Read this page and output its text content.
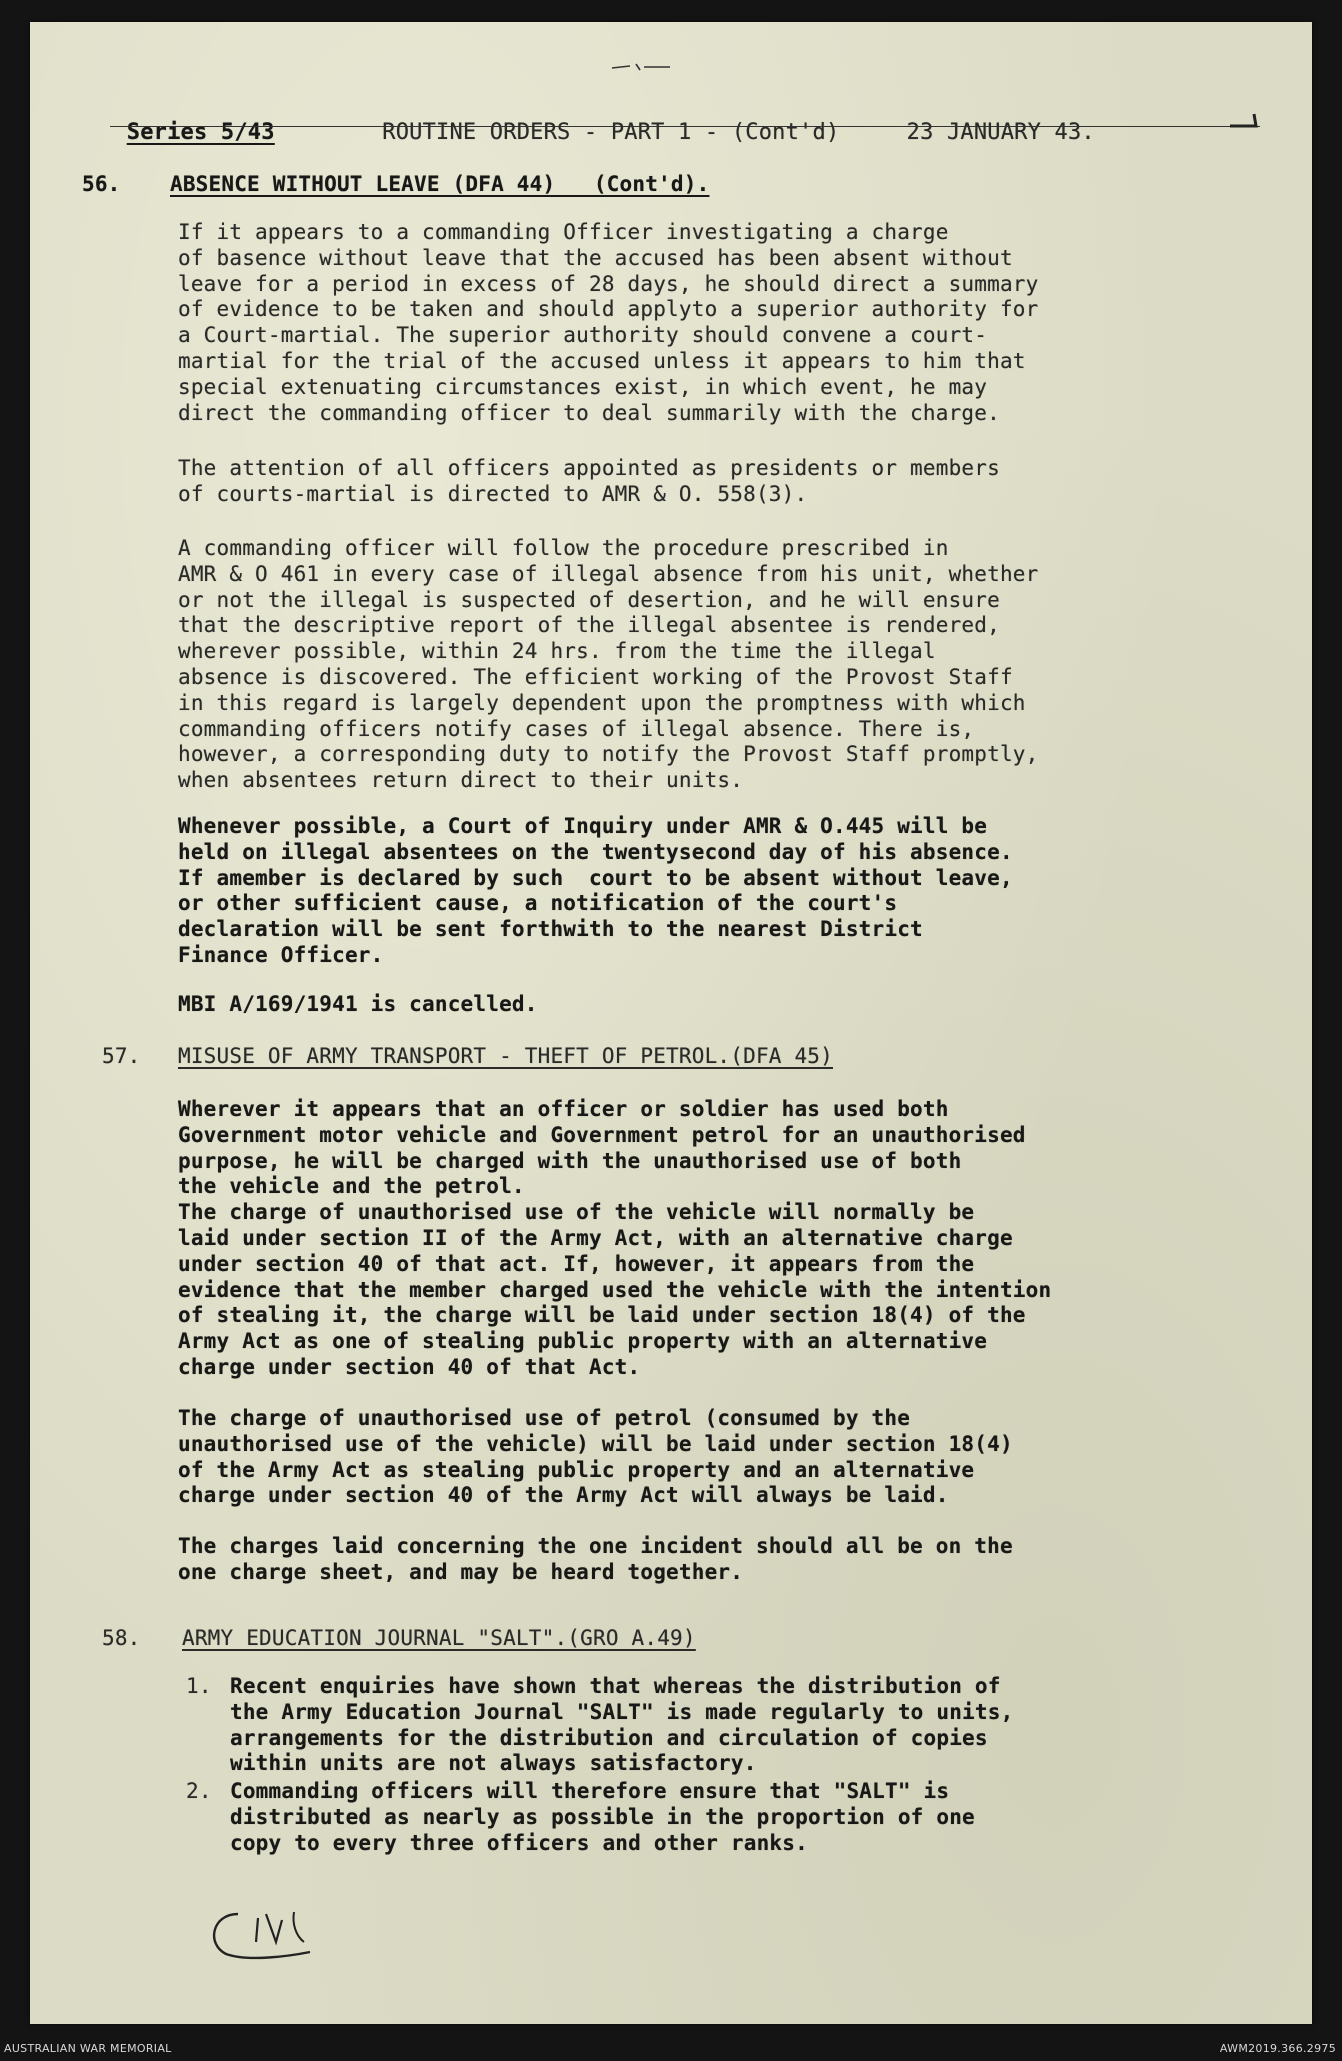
Series 5/43	ROUTINE ORDERS - PART 1 - (Cont'd)	23 JANUARY 43.

56. ABSENCE WITHOUT LEAVE (DFA 44)   (Cont'd).
If it appears to a commanding Officer investigating a charge
of basence without leave that the accused has been absent without
leave for a period in excess of 28 days, he should direct a summary
of evidence to be taken and should applyto a superior authority for
a Court-martial. The superior authority should convene a court-
martial for the trial of the accused unless it appears to him that
special extenuating circumstances exist, in which event, he may
direct the commanding officer to deal summarily with the charge.
The attention of all officers appointed as presidents or members
of courts-martial is directed to AMR & O. 558(3).
A commanding officer will follow the procedure prescribed in
AMR & O 461 in every case of illegal absence from his unit, whether
or not the illegal is suspected of desertion, and he will ensure
that the descriptive report of the illegal absentee is rendered,
wherever possible, within 24 hrs. from the time the illegal
absence is discovered. The efficient working of the Provost Staff
in this regard is largely dependent upon the promptness with which
commanding officers notify cases of illegal absence. There is,
however, a corresponding duty to notify the Provost Staff promptly,
when absentees return direct to their units.
Whenever possible, a Court of Inquiry under AMR & O.445 will be
held on illegal absentees on the twentysecond day of his absence.
If amember is declared by such  court to be absent without leave,
or other sufficient cause, a notification of the court's
declaration will be sent forthwith to the nearest District
Finance Officer.
MBI A/169/1941 is cancelled.
57. MISUSE OF ARMY TRANSPORT - THEFT OF PETROL.(DFA 45)
Wherever it appears that an officer or soldier has used both
Government motor vehicle and Government petrol for an unauthorised
purpose, he will be charged with the unauthorised use of both
the vehicle and the petrol.
The charge of unauthorised use of the vehicle will normally be
laid under section II of the Army Act, with an alternative charge
under section 40 of that act. If, however, it appears from the
evidence that the member charged used the vehicle with the intention
of stealing it, the charge will be laid under section 18(4) of the
Army Act as one of stealing public property with an alternative
charge under section 40 of that Act.
The charge of unauthorised use of petrol (consumed by the
unauthorised use of the vehicle) will be laid under section 18(4)
of the Army Act as stealing public property and an alternative
charge under section 40 of the Army Act will always be laid.
The charges laid concerning the one incident should all be on the
one charge sheet, and may be heard together.
58. ARMY EDUCATION JOURNAL "SALT".(GRO A.49)
1. Recent enquiries have shown that whereas the distribution of
the Army Education Journal "SALT" is made regularly to units,
arrangements for the distribution and circulation of copies
within units are not always satisfactory.
2. Commanding officers will therefore ensure that "SALT" is
distributed as nearly as possible in the proportion of one
copy to every three officers and other ranks.
AUSTRALIAN WAR MEMORIAL	AWM2019.366.2975
